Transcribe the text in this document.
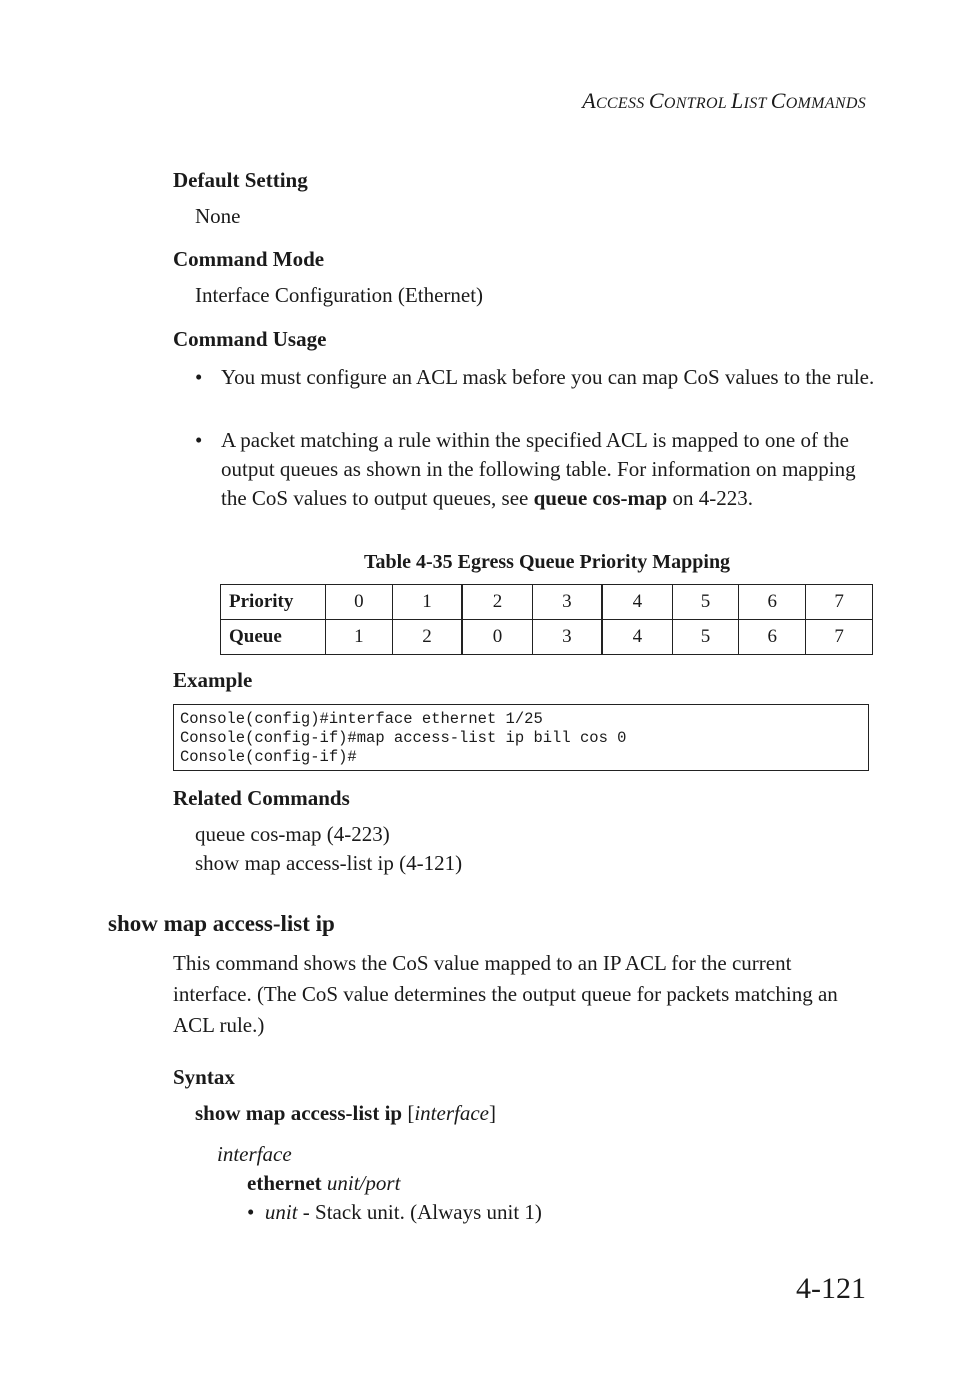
ACCESS CONTROL LIST COMMANDS
Default Setting
None
Command Mode
Interface Configuration (Ethernet)
Command Usage
• You must configure an ACL mask before you can map CoS values to the rule.
• A packet matching a rule within the specified ACL is mapped to one of the output queues as shown in the following table. For information on mapping the CoS values to output queues, see queue cos-map on 4-223.
Table 4-35 Egress Queue Priority Mapping
Priority	0	1	2	3	4	5	6	7
Queue	1	2	0	3	4	5	6	7
Example
Console(config)#interface ethernet 1/25
Console(config-if)#map access-list ip bill cos 0
Console(config-if)#
Related Commands
queue cos-map (4-223)
show map access-list ip (4-121)
show map access-list ip
This command shows the CoS value mapped to an IP ACL for the current interface. (The CoS value determines the output queue for packets matching an ACL rule.)
Syntax
show map access-list ip [interface]
interface
ethernet unit/port
• unit - Stack unit. (Always unit 1)
4-121
